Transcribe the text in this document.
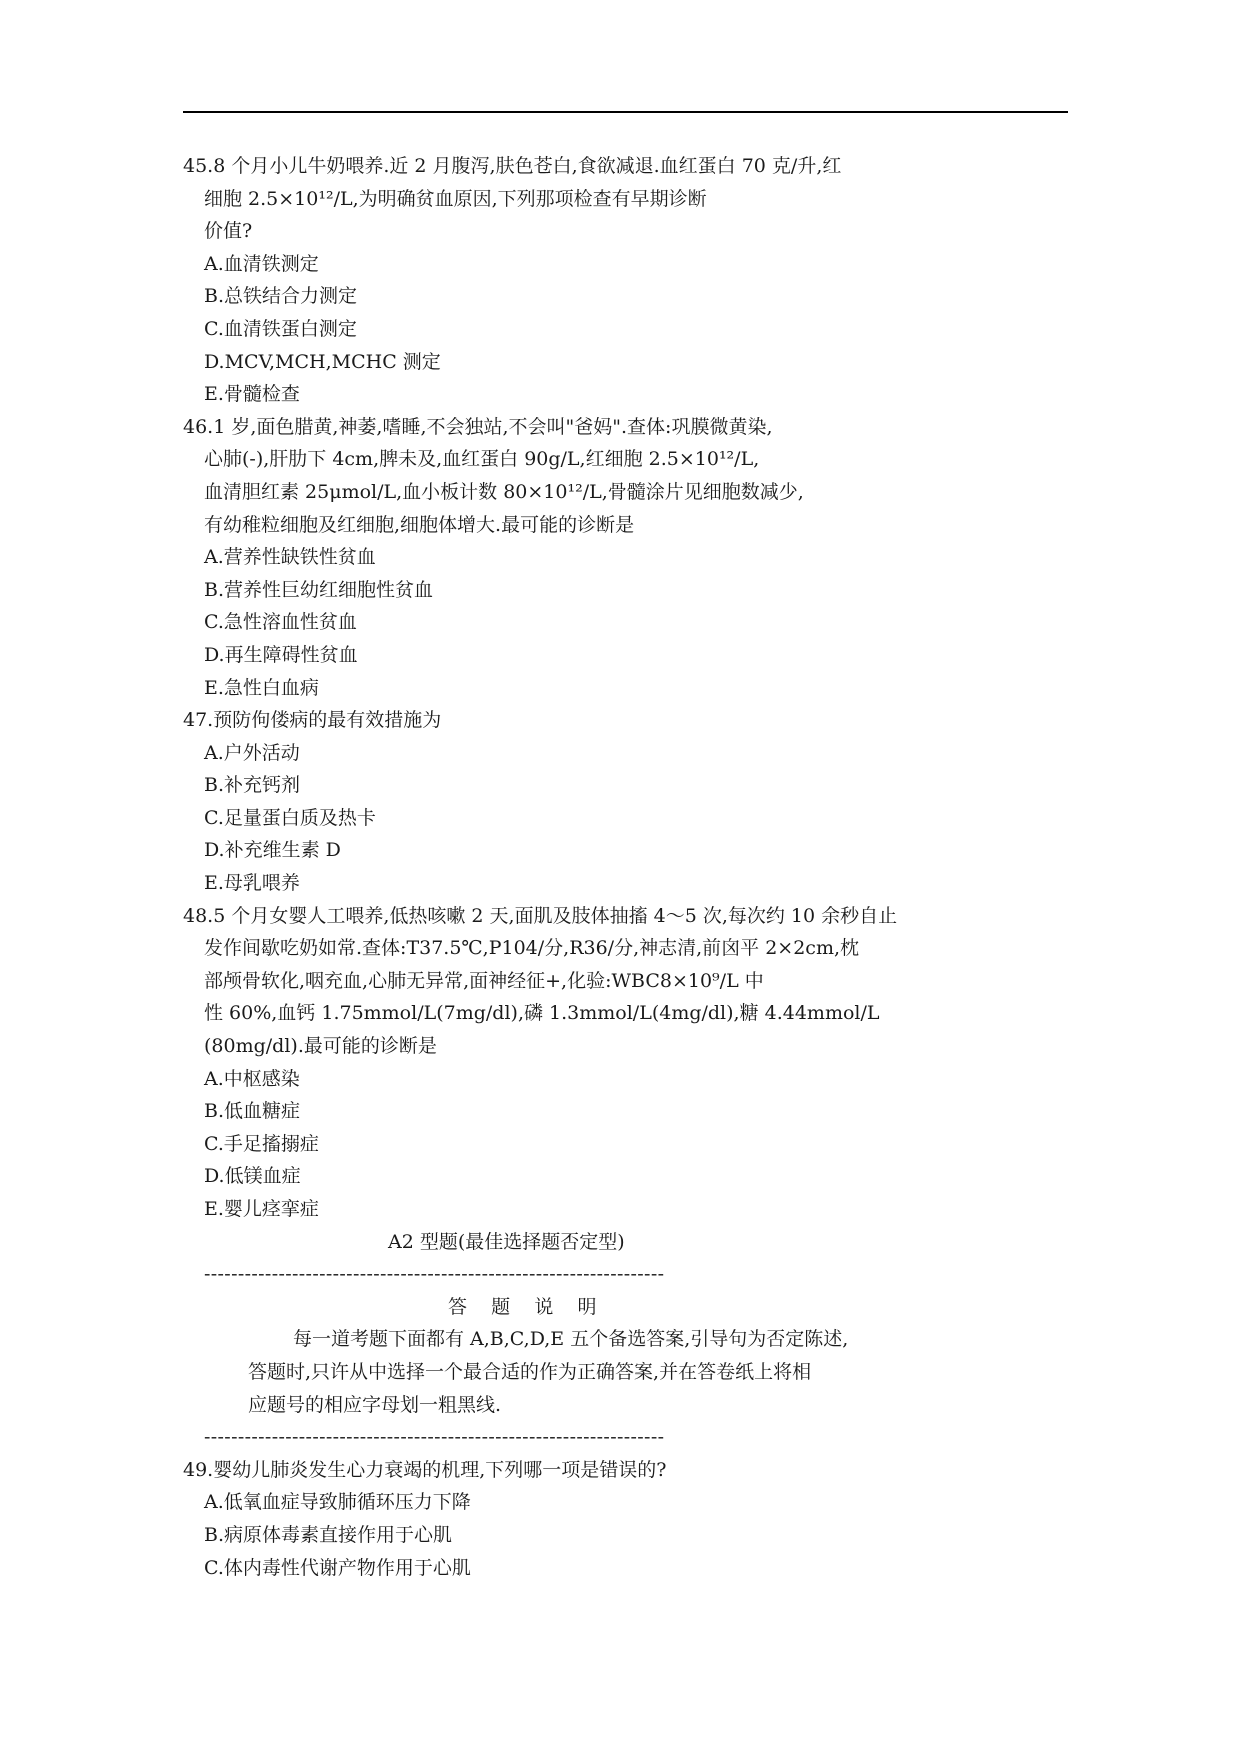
45.8 个月小儿牛奶喂养.近 2 月腹泻,肤色苍白,食欲减退.血红蛋白 70 克/升,红
细胞 2.5×10¹²/L,为明确贫血原因,下列那项检查有早期诊断
价值?
A.血清铁测定
B.总铁结合力测定
C.血清铁蛋白测定
D.MCV,MCH,MCHC 测定
E.骨髓检查
46.1 岁,面色腊黄,神萎,嗜睡,不会独站,不会叫"爸妈".查体:巩膜微黄染,
心肺(-),肝肋下 4cm,脾未及,血红蛋白 90g/L,红细胞 2.5×10¹²/L,
血清胆红素 25μmol/L,血小板计数 80×10¹²/L,骨髓涂片见细胞数减少,
有幼稚粒细胞及红细胞,细胞体增大.最可能的诊断是
A.营养性缺铁性贫血
B.营养性巨幼红细胞性贫血
C.急性溶血性贫血
D.再生障碍性贫血
E.急性白血病
47.预防佝偻病的最有效措施为
A.户外活动
B.补充钙剂
C.足量蛋白质及热卡
D.补充维生素 D
E.母乳喂养
48.5 个月女婴人工喂养,低热咳嗽 2 天,面肌及肢体抽搐 4～5 次,每次约 10 余秒自止
发作间歇吃奶如常.查体:T37.5℃,P104/分,R36/分,神志清,前囟平 2×2cm,枕
部颅骨软化,咽充血,心肺无异常,面神经征+,化验:WBC8×10⁹/L 中
性 60%,血钙 1.75mmol/L(7mg/dl),磷 1.3mmol/L(4mg/dl),糖 4.44mmol/L
(80mg/dl).最可能的诊断是
A.中枢感染
B.低血糖症
C.手足搐搦症
D.低镁血症
E.婴儿痉挛症
A2 型题(最佳选择题否定型)
--------------------------------------------------------------------
答    题    说    明
每一道考题下面都有 A,B,C,D,E 五个备选答案,引导句为否定陈述,
答题时,只许从中选择一个最合适的作为正确答案,并在答卷纸上将相
应题号的相应字母划一粗黑线.
--------------------------------------------------------------------
49.婴幼儿肺炎发生心力衰竭的机理,下列哪一项是错误的?
A.低氧血症导致肺循环压力下降
B.病原体毒素直接作用于心肌
C.体内毒性代谢产物作用于心肌
